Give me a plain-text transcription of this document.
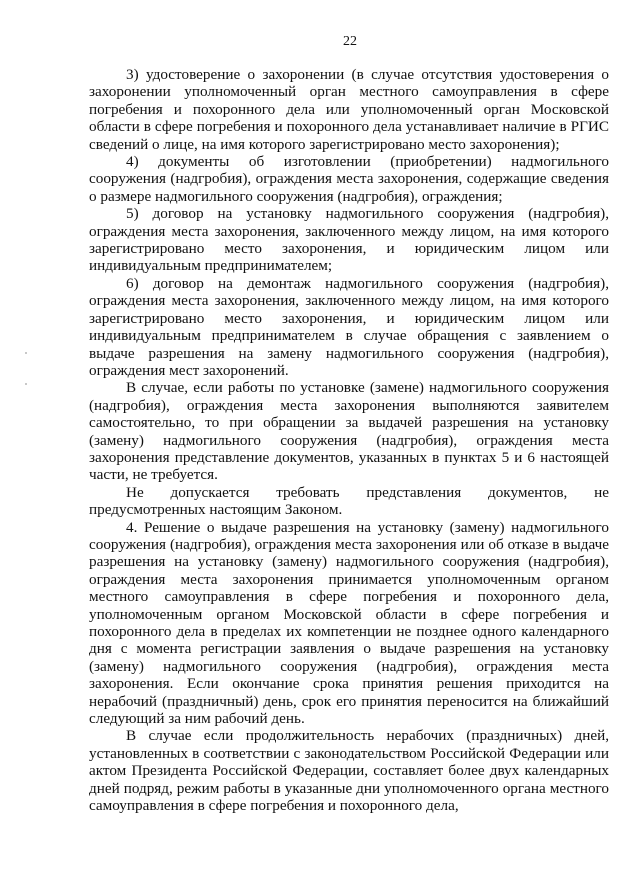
22

3) удостоверение о захоронении (в случае отсутствия удостоверения о захоронении уполномоченный орган местного самоуправления в сфере погребения и похоронного дела или уполномоченный орган Московской области в сфере погребения и похоронного дела устанавливает наличие в РГИС сведений о лице, на имя которого зарегистрировано место захоронения);

4) документы об изготовлении (приобретении) надмогильного сооружения (надгробия), ограждения места захоронения, содержащие сведения о размере надмогильного сооружения (надгробия), ограждения;

5) договор на установку надмогильного сооружения (надгробия), ограждения места захоронения, заключенного между лицом, на имя которого зарегистрировано место захоронения, и юридическим лицом или индивидуальным предпринимателем;

6) договор на демонтаж надмогильного сооружения (надгробия), ограждения места захоронения, заключенного между лицом, на имя которого зарегистрировано место захоронения, и юридическим лицом или индивидуальным предпринимателем в случае обращения с заявлением о выдаче разрешения на замену надмогильного сооружения (надгробия), ограждения мест захоронений.

В случае, если работы по установке (замене) надмогильного сооружения (надгробия), ограждения места захоронения выполняются заявителем самостоятельно, то при обращении за выдачей разрешения на установку (замену) надмогильного сооружения (надгробия), ограждения места захоронения представление документов, указанных в пунктах 5 и 6 настоящей части, не требуется.

Не допускается требовать представления документов, не предусмотренных настоящим Законом.

4. Решение о выдаче разрешения на установку (замену) надмогильного сооружения (надгробия), ограждения места захоронения или об отказе в выдаче разрешения на установку (замену) надмогильного сооружения (надгробия), ограждения места захоронения принимается уполномоченным органом местного самоуправления в сфере погребения и похоронного дела, уполномоченным органом Московской области в сфере погребения и похоронного дела в пределах их компетенции не позднее одного календарного дня с момента регистрации заявления о выдаче разрешения на установку (замену) надмогильного сооружения (надгробия), ограждения места захоронения. Если окончание срока принятия решения приходится на нерабочий (праздничный) день, срок его принятия переносится на ближайший следующий за ним рабочий день.

В случае если продолжительность нерабочих (праздничных) дней, установленных в соответствии с законодательством Российской Федерации или актом Президента Российской Федерации, составляет более двух календарных дней подряд, режим работы в указанные дни уполномоченного органа местного самоуправления в сфере погребения и похоронного дела,
